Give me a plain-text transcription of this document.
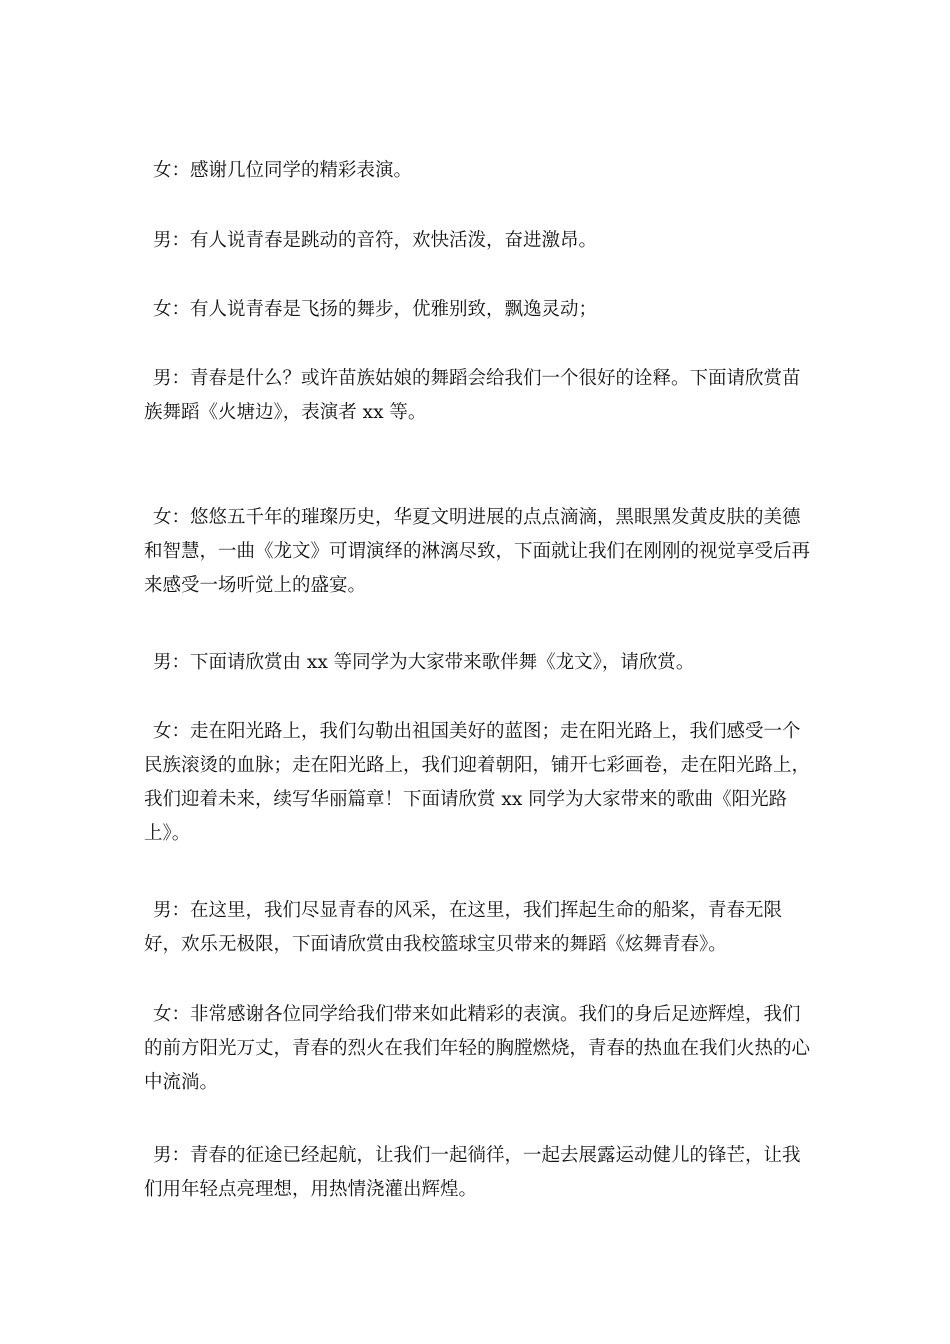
女：感谢几位同学的精彩表演。

男：有人说青春是跳动的音符，欢快活泼，奋进激昂。

女：有人说青春是飞扬的舞步，优雅别致，飘逸灵动；

男：青春是什么？或许苗族姑娘的舞蹈会给我们一个很好的诠释。下面请欣赏苗族舞蹈《火塘边》，表演者 xx 等。

女：悠悠五千年的璀璨历史，华夏文明进展的点点滴滴，黑眼黑发黄皮肤的美德和智慧，一曲《龙文》可谓演绎的淋漓尽致，下面就让我们在刚刚的视觉享受后再来感受一场听觉上的盛宴。

男：下面请欣赏由 xx 等同学为大家带来歌伴舞《龙文》，请欣赏。

女：走在阳光路上，我们勾勒出祖国美好的蓝图；走在阳光路上，我们感受一个民族滚烫的血脉；走在阳光路上，我们迎着朝阳，铺开七彩画卷，走在阳光路上，我们迎着未来，续写华丽篇章！下面请欣赏 xx 同学为大家带来的歌曲《阳光路上》。

男：在这里，我们尽显青春的风采，在这里，我们挥起生命的船桨，青春无限好，欢乐无极限，下面请欣赏由我校篮球宝贝带来的舞蹈《炫舞青春》。

女：非常感谢各位同学给我们带来如此精彩的表演。我们的身后足迹辉煌，我们的前方阳光万丈，青春的烈火在我们年轻的胸膛燃烧，青春的热血在我们火热的心中流淌。

男：青春的征途已经起航，让我们一起徜徉，一起去展露运动健儿的锋芒，让我们用年轻点亮理想，用热情浇灌出辉煌。
